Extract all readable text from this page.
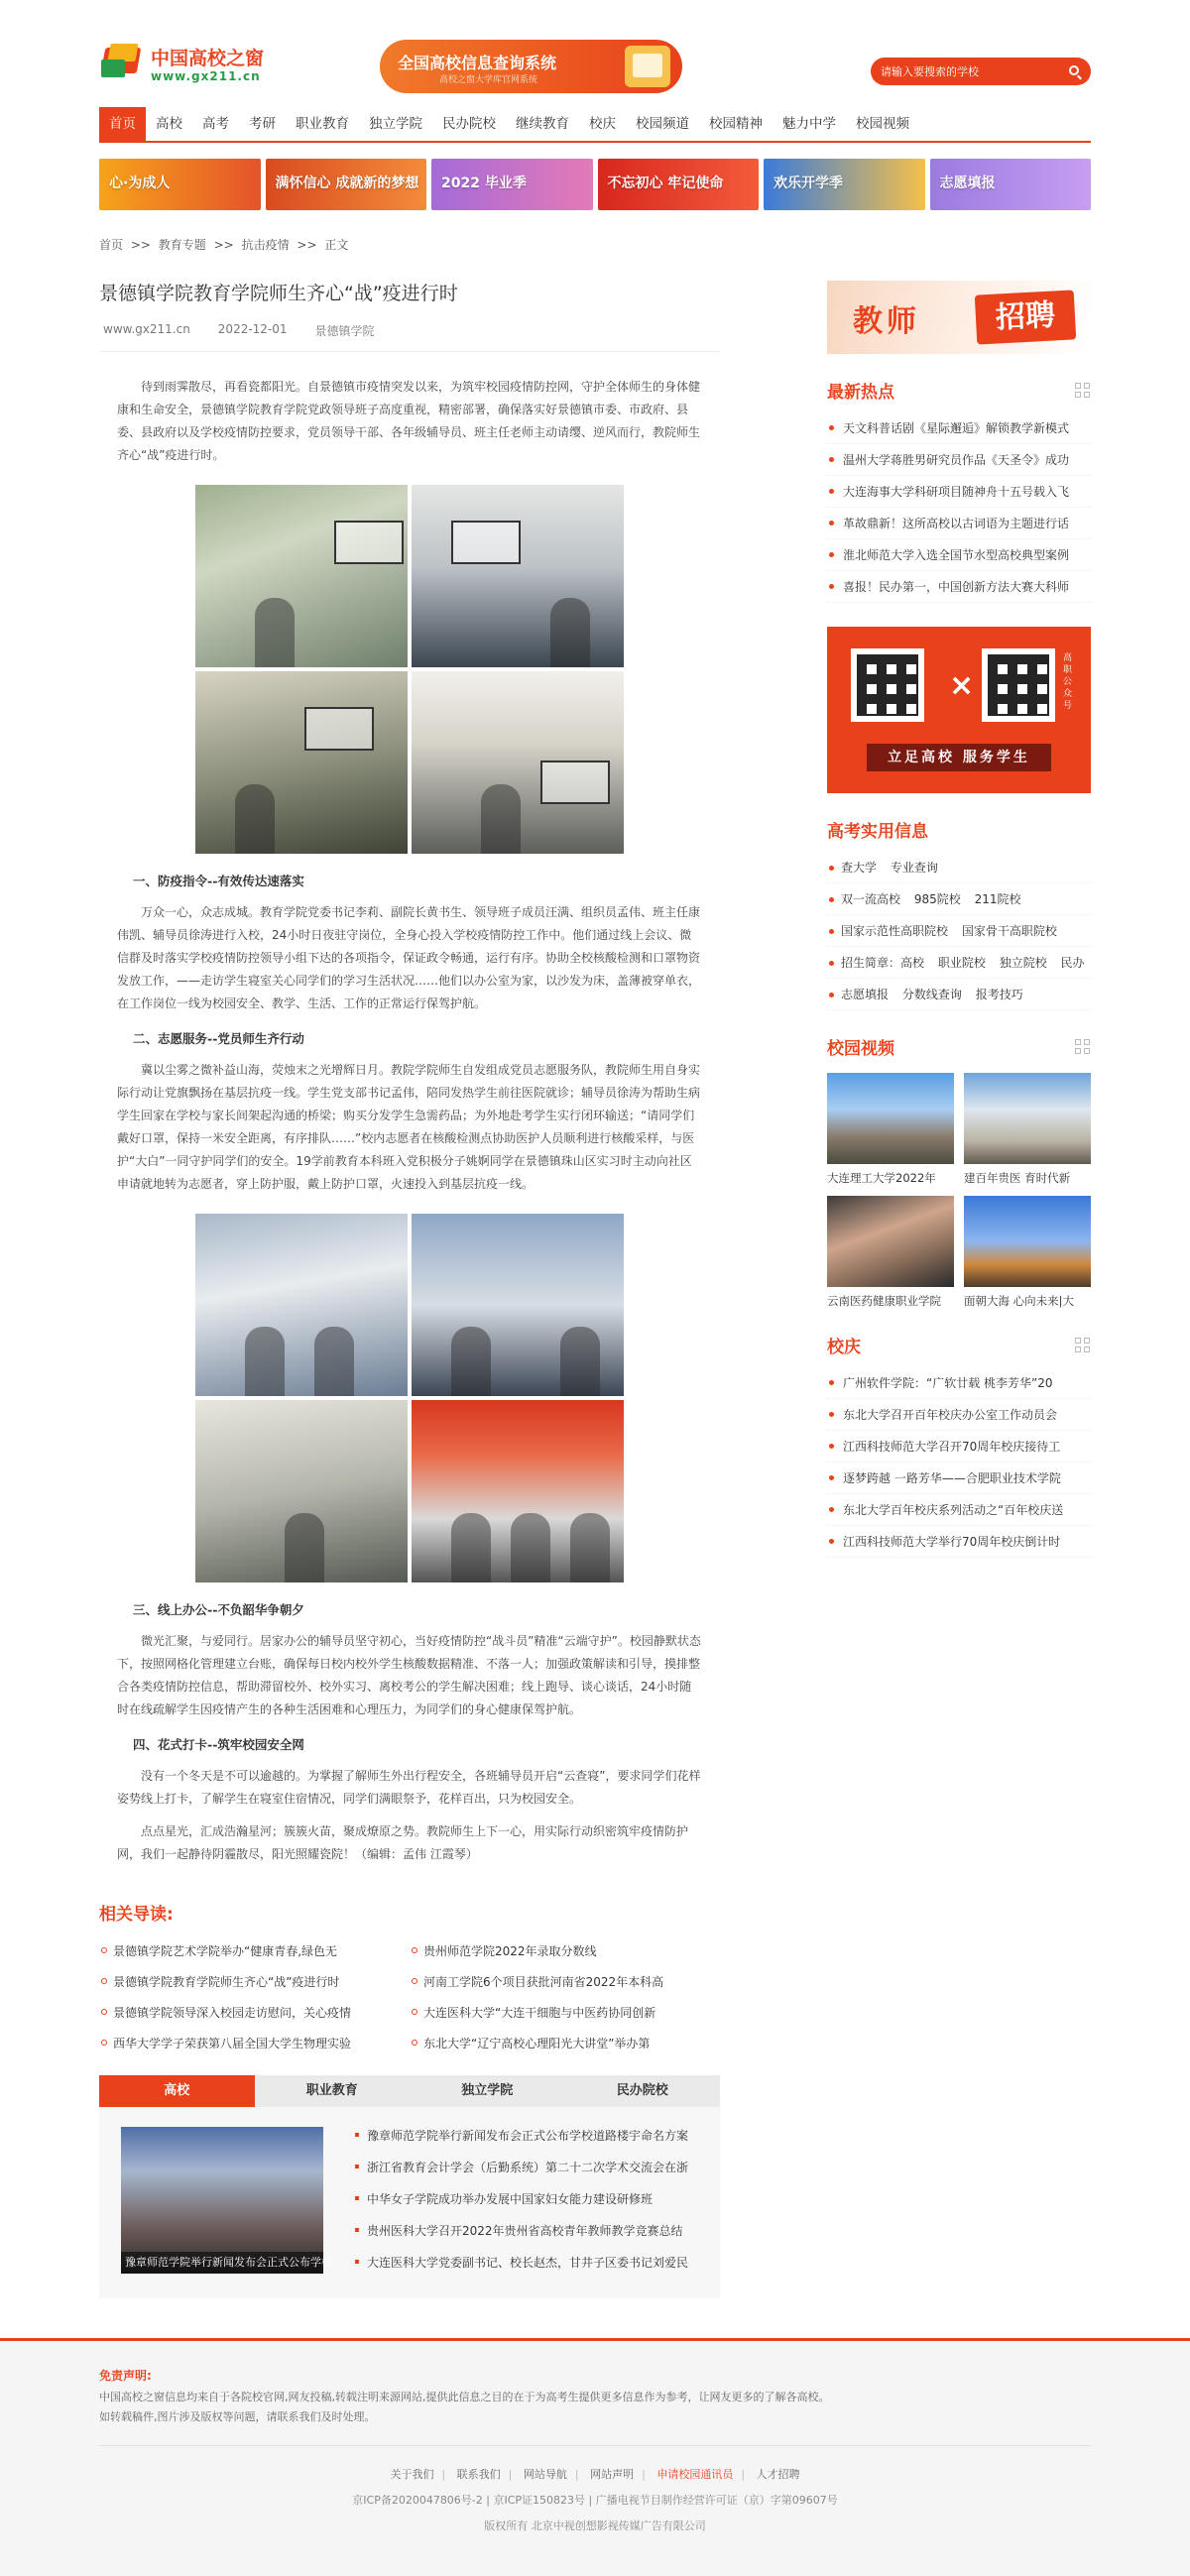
中国高校之窗
www.gx211.cn
全国高校信息查询系统
高校之窗大学库官网系统
请输入要搜索的学校
首页	高校	高考	考研	职业教育	独立学院	民办院校	继续教育	校庆	校园频道	校园精神	魅力中学	校园视频
心·为成人	满怀信心 成就新的梦想 2022 毕业季	不忘初心 牢记使命	欢乐开学季	志愿填报
首页 >> 教育专题 >> 抗击疫情 >> 正文
景德镇学院教育学院师生齐心“战”疫进行时
www.gx211.cn 2022-12-01 景德镇学院

待到雨霁散尽，再看瓷都阳光。自景德镇市疫情突发以来，为筑牢校园疫情防控网，守护全体师生的身体健康和生命安全，景德镇学院教育学院党政领导班子高度重视，精密部署，确保落实好景德镇市委、市政府、县委、县政府以及学校疫情防控要求，党员领导干部、各年级辅导员、班主任老师主动请缨、逆风而行，教院师生齐心“战”疫进行时。

一、防疫指令--有效传达速落实

万众一心，众志成城。教育学院党委书记李莉、副院长黄书生、领导班子成员汪满、组织员孟伟、班主任康伟凯、辅导员徐涛进行入校，24小时日夜驻守岗位，全身心投入学校疫情防控工作中。他们通过线上会议、微信群及时落实学校疫情防控领导小组下达的各项指令，保证政令畅通，运行有序。协助全校核酸检测和口罩物资发放工作，——走访学生寝室关心同学们的学习生活状况……他们以办公室为家，以沙发为床，盖薄被穿单衣，在工作岗位一线为校园安全、教学、生活、工作的正常运行保驾护航。

二、志愿服务--党员师生齐行动

冀以尘雾之微补益山海，荧烛末之光增辉日月。教院学院师生自发组成党员志愿服务队，教院师生用自身实际行动让党旗飘扬在基层抗疫一线。学生党支部书记孟伟，陪同发热学生前往医院就诊；辅导员徐涛为帮助生病学生回家在学校与家长间架起沟通的桥梁；购买分发学生急需药品；为外地赴考学生实行闭环输送；“请同学们戴好口罩，保持一米安全距离，有序排队……”校内志愿者在核酸检测点协助医护人员顺利进行核酸采样，与医护“大白”一同守护同学们的安全。19学前教育本科班入党积极分子姚婀同学在景德镇珠山区实习时主动向社区申请就地转为志愿者，穿上防护服，戴上防护口罩，火速投入到基层抗疫一线。

三、线上办公--不负韶华争朝夕

微光汇聚，与爱同行。居家办公的辅导员坚守初心，当好疫情防控“战斗员”精准“云端守护”。校园静默状态下，按照网格化管理建立台账，确保每日校内校外学生核酸数据精准、不落一人；加强政策解读和引导，摸排整合各类疫情防控信息，帮助滞留校外、校外实习、离校考公的学生解决困难；线上跑导、谈心谈话，24小时随时在线疏解学生因疫情产生的各种生活困难和心理压力，为同学们的身心健康保驾护航。

四、花式打卡--筑牢校园安全网

没有一个冬天是不可以逾越的。为掌握了解师生外出行程安全，各班辅导员开启“云查寝”，要求同学们花样姿势线上打卡，了解学生在寝室住宿情况，同学们满眼祭予，花样百出，只为校园安全。

点点星光，汇成浩瀚星河；簇簇火苗，聚成燎原之势。教院师生上下一心，用实际行动织密筑牢疫情防护网，我们一起静待阴霾散尽，阳光照耀瓷院！（编辑：孟伟 江霞琴）

相关导读:
景德镇学院艺术学院举办“健康青春,绿色无	贵州师范学院2022年录取分数线
景德镇学院教育学院师生齐心“战”疫进行时	河南工学院6个项目获批河南省2022年本科高
景德镇学院领导深入校园走访慰问，关心疫情	大连医科大学“大连干细胞与中医药协同创新
西华大学学子荣获第八届全国大学生物理实验	东北大学“辽宁高校心理阳光大讲堂”举办第
高校	职业教育	独立学院	民办院校
豫章师范学院举行新闻发布会正式公布学校
豫章师范学院举行新闻发布会正式公布学校道路楼宇命名方案
浙江省教育会计学会（后勤系统）第二十二次学术交流会在浙
中华女子学院成功举办发展中国家妇女能力建设研修班
贵州医科大学召开2022年贵州省高校青年教师教学竞赛总结
大连医科大学党委副书记、校长赵杰，甘井子区委书记刘爱民
教师	招聘
最新热点
天文科普话剧《星际邂逅》解锁教学新模式
温州大学蒋胜男研究员作品《天圣令》成功
大连海事大学科研项目随神舟十五号载入飞
革故鼎新！这所高校以古词语为主题进行话
淮北师范大学入选全国节水型高校典型案例
喜报！民办第一，中国创新方法大赛大科师
×
高职公众号
立足高校 服务学生
高考实用信息
查大学 专业查询
双一流高校 985院校 211院校
国家示范性高职院校 国家骨干高职院校
招生简章：高校 职业院校 独立院校 民办
志愿填报 分数线查询 报考技巧
校园视频
大连理工大学2022年	建百年贵医 育时代新
云南医药健康职业学院	面朝大海 心向未来|大
校庆
广州软件学院：“广软廿载 桃李芳华”20
东北大学召开百年校庆办公室工作动员会
江西科技师范大学召开70周年校庆接待工
逐梦跨越 一路芳华——合肥职业技术学院
东北大学百年校庆系列活动之“百年校庆送
江西科技师范大学举行70周年校庆倒计时
免责声明:
中国高校之窗信息均来自于各院校官网,网友投稿,转载注明来源网站,提供此信息之目的在于为高考生提供更多信息作为参考，让网友更多的了解各高校。
如转载稿件,图片涉及版权等问题，请联系我们及时处理。
关于我们 | 联系我们 | 网站导航 | 网站声明 | 申请校园通讯员 | 人才招聘
京ICP备2020047806号-2 | 京ICP证150823号 | 广播电视节目制作经营许可证（京）字第09607号
版权所有 北京中视创想影视传媒广告有限公司
